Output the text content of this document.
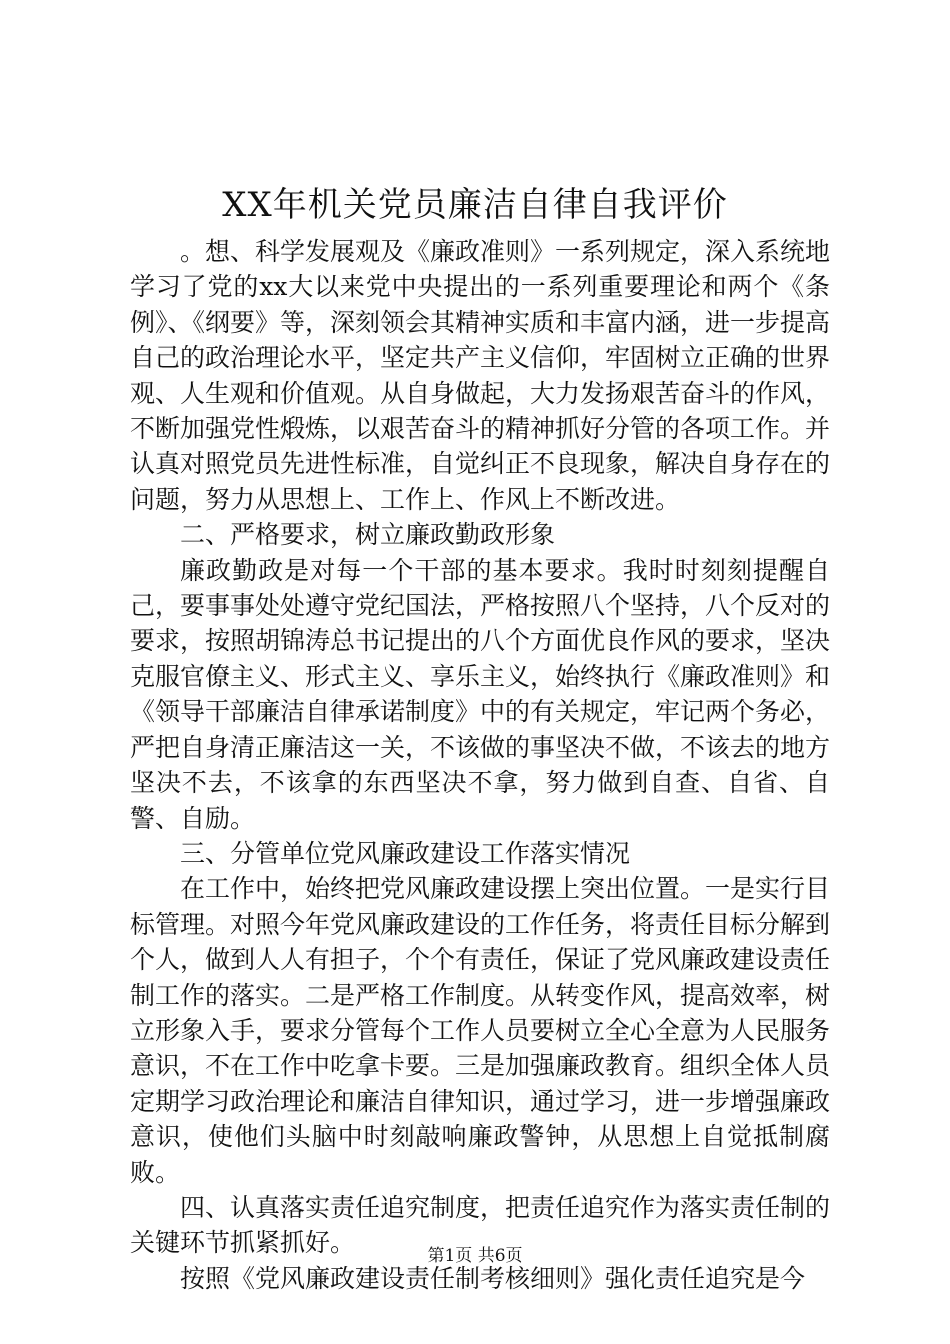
XX年机关党员廉洁自律自我评价

。想、科学发展观及《廉政准则》一系列规定，深入系统地学习了党的xx大以来党中央提出的一系列重要理论和两个《条例》、《纲要》等，深刻领会其精神实质和丰富内涵，进一步提高自己的政治理论水平，坚定共产主义信仰，牢固树立正确的世界观、人生观和价值观。从自身做起，大力发扬艰苦奋斗的作风，不断加强党性煅炼，以艰苦奋斗的精神抓好分管的各项工作。并认真对照党员先进性标准，自觉纠正不良现象，解决自身存在的问题，努力从思想上、工作上、作风上不断改进。

二、严格要求，树立廉政勤政形象

廉政勤政是对每一个干部的基本要求。我时时刻刻提醒自己，要事事处处遵守党纪国法，严格按照八个坚持，八个反对的要求，按照胡锦涛总书记提出的八个方面优良作风的要求，坚决克服官僚主义、形式主义、享乐主义，始终执行《廉政准则》和《领导干部廉洁自律承诺制度》中的有关规定，牢记两个务必，严把自身清正廉洁这一关，不该做的事坚决不做，不该去的地方坚决不去，不该拿的东西坚决不拿，努力做到自查、自省、自警、自励。

三、分管单位党风廉政建设工作落实情况

在工作中，始终把党风廉政建设摆上突出位置。一是实行目标管理。对照今年党风廉政建设的工作任务，将责任目标分解到个人，做到人人有担子，个个有责任，保证了党风廉政建设责任制工作的落实。二是严格工作制度。从转变作风，提高效率，树立形象入手，要求分管每个工作人员要树立全心全意为人民服务意识，不在工作中吃拿卡要。三是加强廉政教育。组织全体人员定期学习政治理论和廉洁自律知识，通过学习，进一步增强廉政意识，使他们头脑中时刻敲响廉政警钟，从思想上自觉抵制腐败。

四、认真落实责任追究制度，把责任追究作为落实责任制的关键环节抓紧抓好。

按照《党风廉政建设责任制考核细则》强化责任追究是今

第1页 共6页
